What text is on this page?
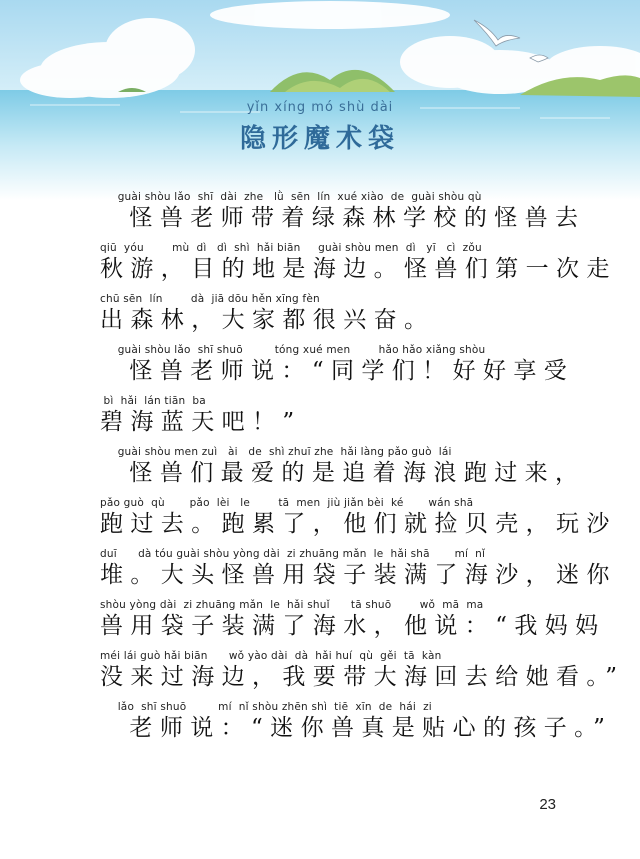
yǐn xíng mó shù dài
隐形魔术袋
guài shòu lǎo  shī  dài  zhe   lǜ  sēn  lín  xué xiào  de  guài shòu qù
怪兽老师带着绿森林学校的怪兽去
qiū  yóu        mù  dì   dì  shì  hǎi biān     guài shòu men  dì   yī   cì  zǒu
秋游，目的地是海边。怪兽们第一次走
chū sēn  lín        dà  jiā dōu hěn xīng fèn
出森林，大家都很兴奋。
guài shòu lǎo  shī shuō         tóng xué men        hǎo hǎo xiǎng shòu
怪兽老师说：“同学们！好好享受
bì  hǎi  lán tiān  ba
碧海蓝天吧！”
guài shòu men zuì   ài   de  shì zhuī zhe  hǎi làng pǎo guò  lái
怪兽们最爱的是追着海浪跑过来，
pǎo guò  qù       pǎo  lèi   le        tā  men  jiù jiǎn bèi  ké       wán shā
跑过去。跑累了，他们就捡贝壳，玩沙
duī      dà tóu guài shòu yòng dài  zi zhuāng mǎn  le  hǎi shā       mí  nǐ
堆。大头怪兽用袋子装满了海沙，迷你
shòu yòng dài  zi zhuāng mǎn  le  hǎi shuǐ      tā shuō        wǒ  mā  ma
兽用袋子装满了海水，他说：“我妈妈
méi lái guò hǎi biān      wǒ yào dài  dà  hǎi huí  qù  gěi  tā  kàn
没来过海边，我要带大海回去给她看。”
lǎo  shī shuō         mí  nǐ shòu zhēn shì  tiē  xīn  de  hái  zi
老师说：“迷你兽真是贴心的孩子。”
23
